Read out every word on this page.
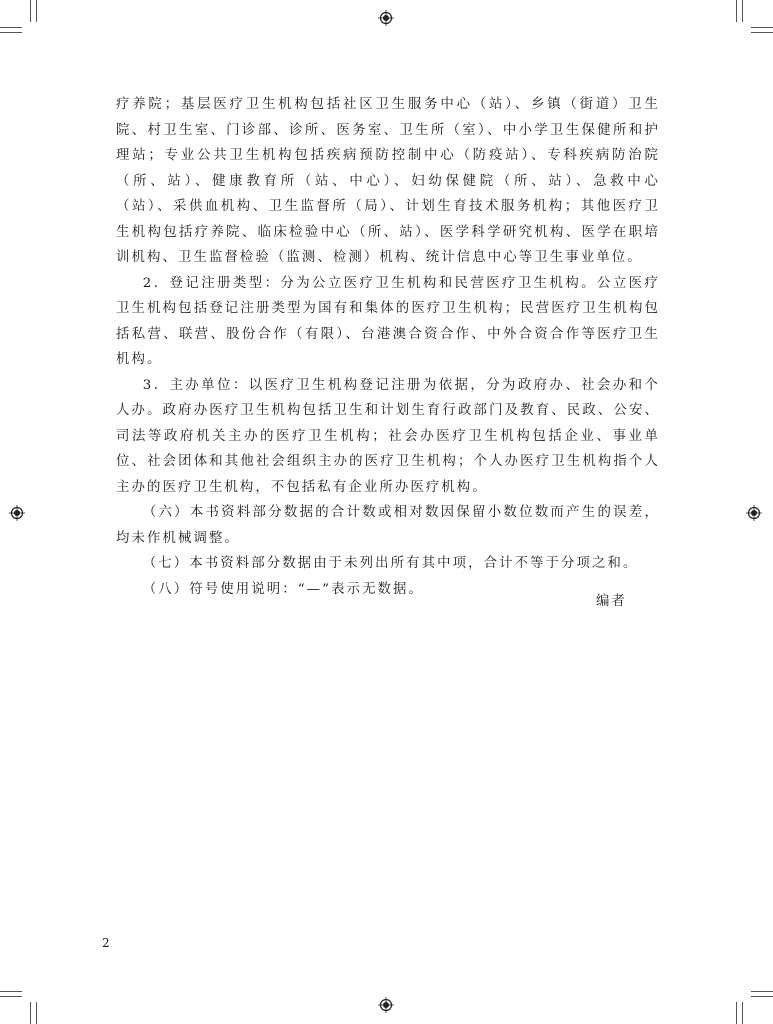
疗养院；基层医疗卫生机构包括社区卫生服务中心（站）、乡镇（街道）卫生院、村卫生室、门诊部、诊所、医务室、卫生所（室）、中小学卫生保健所和护理站；专业公共卫生机构包括疾病预防控制中心（防疫站）、专科疾病防治院（所、站）、健康教育所（站、中心）、妇幼保健院（所、站）、急救中心（站）、采供血机构、卫生监督所（局）、计划生育技术服务机构；其他医疗卫生机构包括疗养院、临床检验中心（所、站）、医学科学研究机构、医学在职培训机构、卫生监督检验（监测、检测）机构、统计信息中心等卫生事业单位。

2．登记注册类型：分为公立医疗卫生机构和民营医疗卫生机构。公立医疗卫生机构包括登记注册类型为国有和集体的医疗卫生机构；民营医疗卫生机构包括私营、联营、股份合作（有限）、台港澳合资合作、中外合资合作等医疗卫生机构。

3．主办单位：以医疗卫生机构登记注册为依据，分为政府办、社会办和个人办。政府办医疗卫生机构包括卫生和计划生育行政部门及教育、民政、公安、司法等政府机关主办的医疗卫生机构；社会办医疗卫生机构包括企业、事业单位、社会团体和其他社会组织主办的医疗卫生机构；个人办医疗卫生机构指个人主办的医疗卫生机构，不包括私有企业所办医疗机构。

（六）本书资料部分数据的合计数或相对数因保留小数位数而产生的误差，均未作机械调整。

（七）本书资料部分数据由于未列出所有其中项，合计不等于分项之和。

（八）符号使用说明：“—”表示无数据。

编者

2
